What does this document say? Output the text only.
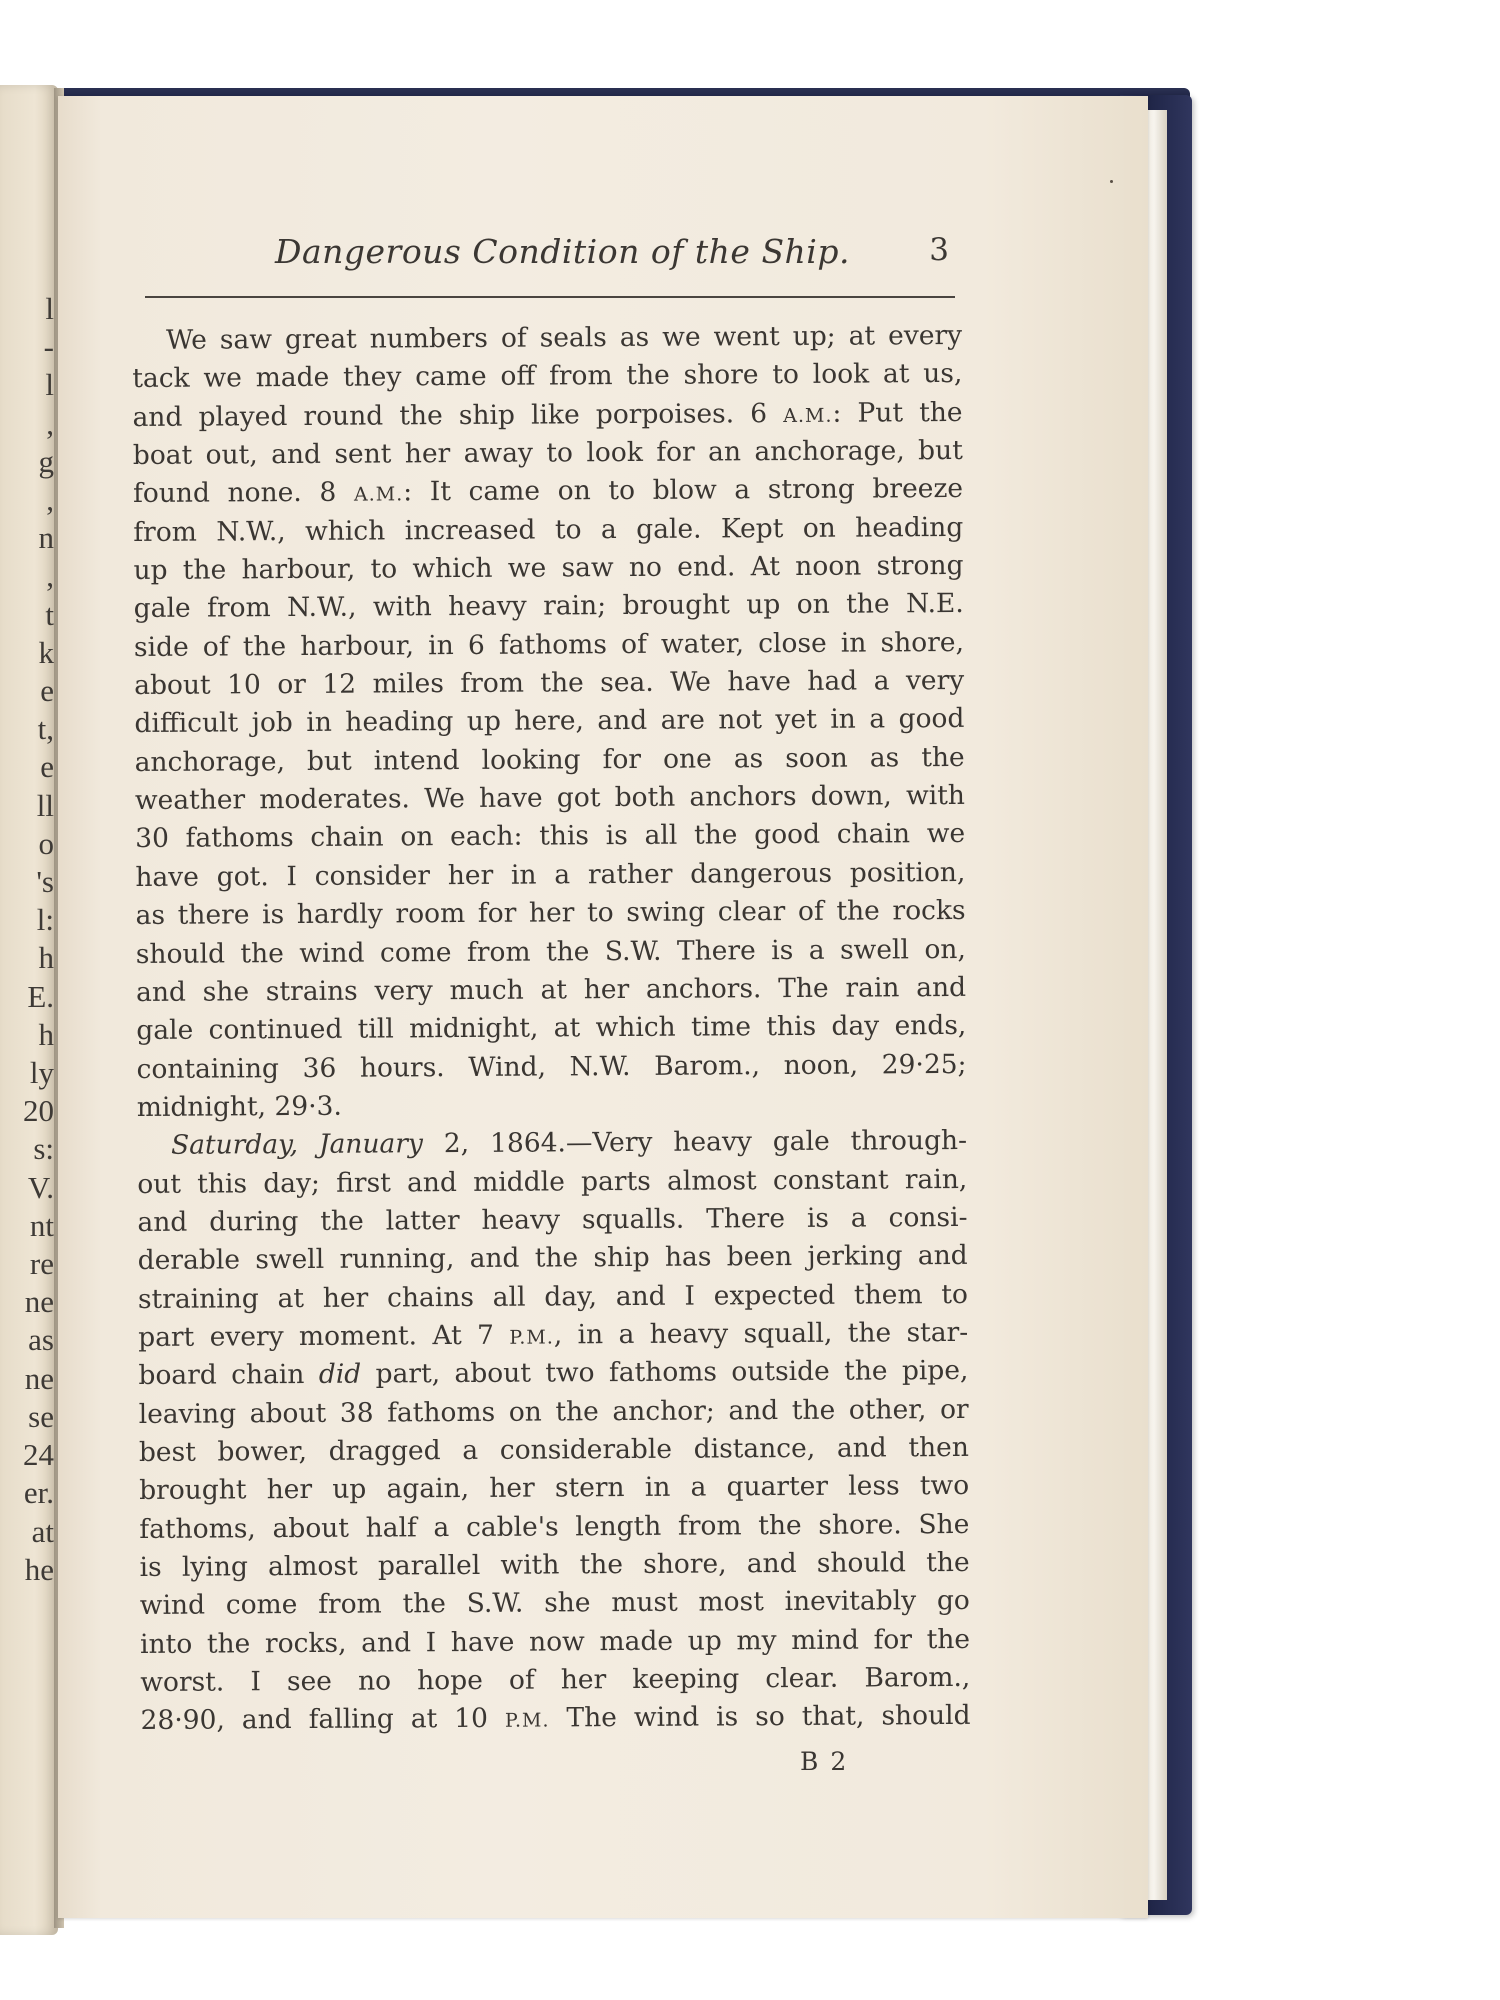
l
-
l
,
g
,
n
,
t
k
e
t,
e
ll
o
's
l:
h
E.
h
ly
20
s:
V.
nt
re
ne
as
ne
se
24
er.
at
he
Dangerous Condition of the Ship.	3
We saw great numbers of seals as we went up; at every
tack we made they came off from the shore to look at us,
and played round the ship like porpoises. 6 A.M.: Put the
boat out, and sent her away to look for an anchorage, but
found none. 8 A.M.: It came on to blow a strong breeze
from N.W., which increased to a gale. Kept on heading
up the harbour, to which we saw no end. At noon strong
gale from N.W., with heavy rain; brought up on the N.E.
side of the harbour, in 6 fathoms of water, close in shore,
about 10 or 12 miles from the sea. We have had a very
difficult job in heading up here, and are not yet in a good
anchorage, but intend looking for one as soon as the
weather moderates. We have got both anchors down, with
30 fathoms chain on each: this is all the good chain we
have got. I consider her in a rather dangerous position,
as there is hardly room for her to swing clear of the rocks
should the wind come from the S.W. There is a swell on,
and she strains very much at her anchors. The rain and
gale continued till midnight, at which time this day ends,
containing 36 hours. Wind, N.W. Barom., noon, 29·25;
midnight, 29·3.
Saturday, January 2, 1864.—Very heavy gale through-
out this day; first and middle parts almost constant rain,
and during the latter heavy squalls. There is a consi-
derable swell running, and the ship has been jerking and
straining at her chains all day, and I expected them to
part every moment. At 7 P.M., in a heavy squall, the star-
board chain did part, about two fathoms outside the pipe,
leaving about 38 fathoms on the anchor; and the other, or
best bower, dragged a considerable distance, and then
brought her up again, her stern in a quarter less two
fathoms, about half a cable's length from the shore. She
is lying almost parallel with the shore, and should the
wind come from the S.W. she must most inevitably go
into the rocks, and I have now made up my mind for the
worst. I see no hope of her keeping clear. Barom.,
28·90, and falling at 10 P.M. The wind is so that, should
B 2
